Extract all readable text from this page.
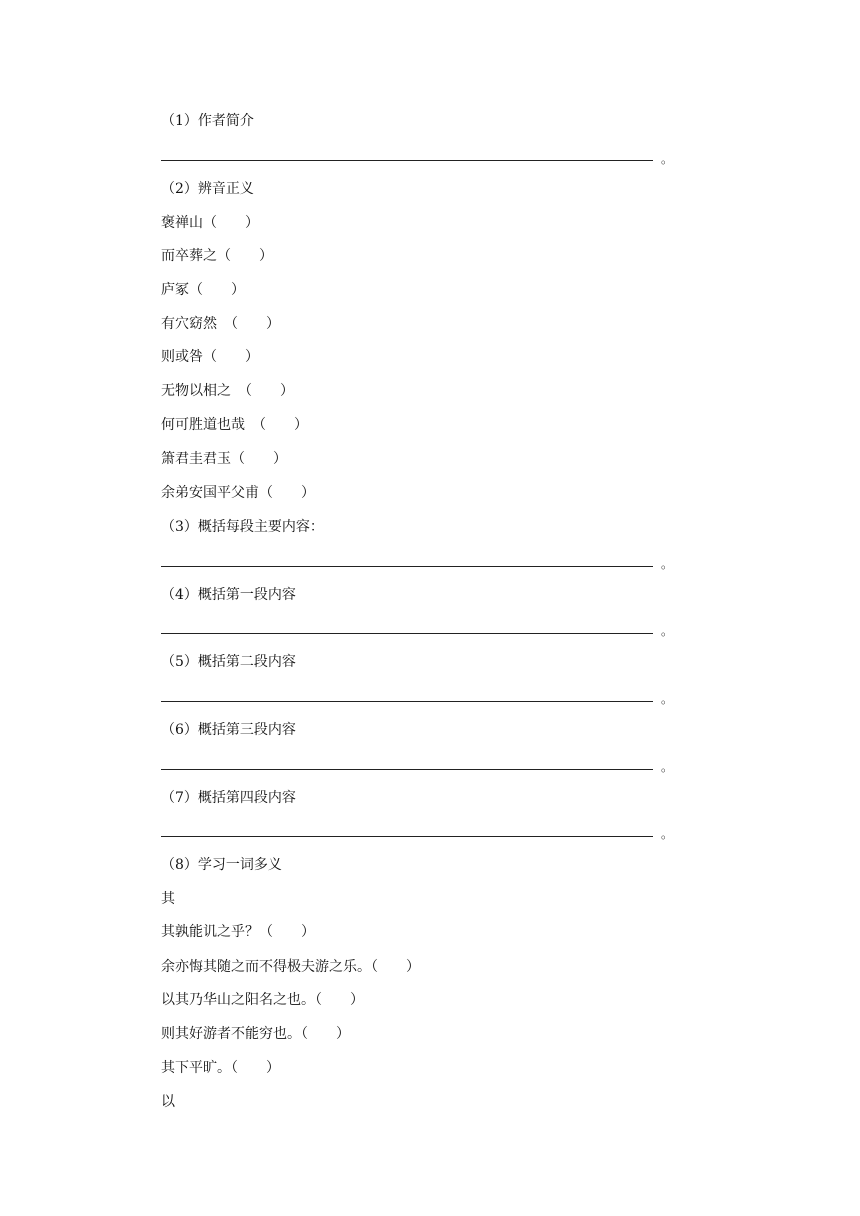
（1）作者简介
。
（2）辨音正义
褒禅山（　　）
而卒葬之（　　）
庐冢（　　）
有穴窈然　（　　）
则或咎（　　）
无物以相之　（　　）
何可胜道也哉　（　　）
箫君圭君玉（　　）
余弟安国平父甫（　　）
（3）概括每段主要内容：
。
（4）概括第一段内容
。
（5）概括第二段内容
。
（6）概括第三段内容
。
（7）概括第四段内容
。
（8）学习一词多义
其
其孰能讥之乎？（　　）
余亦悔其随之而不得极夫游之乐。（　　）
以其乃华山之阳名之也。（　　）
则其好游者不能穷也。（　　）
其下平旷。（　　）
以
